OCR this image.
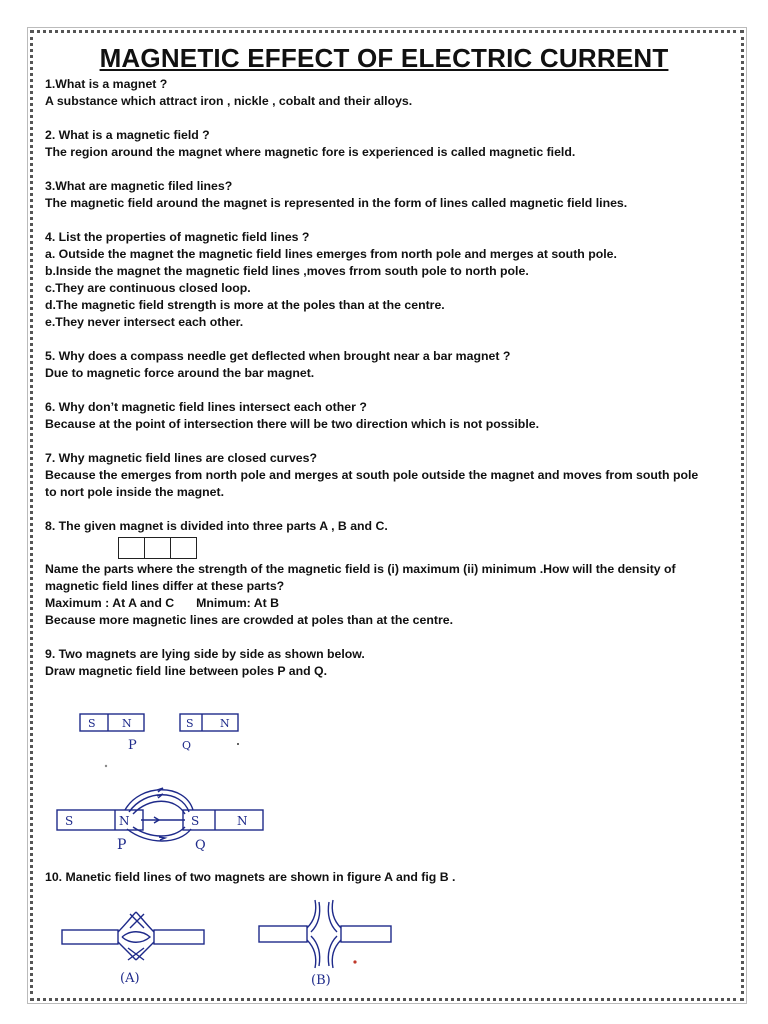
MAGNETIC EFFECT OF ELECTRIC CURRENT

1.What is a magnet ?

A substance which attract iron , nickle , cobalt and their alloys.

2. What is a magnetic field ?

The region around the magnet where magnetic fore is experienced is called magnetic field.

3.What are magnetic filed lines?

The magnetic field around the magnet is represented in the form of lines called magnetic field lines.

4. List the properties of magnetic field lines ?

a. Outside the magnet the magnetic field lines emerges from north pole and merges at south pole.

b.Inside the magnet the magnetic field lines ,moves frrom south pole to north pole.

c.They are continuous closed loop.

d.The magnetic field strength is more at the poles than at the centre.

e.They never intersect each other.

5. Why does a compass needle get deflected when brought near a bar magnet ?

Due to magnetic force around the bar magnet.

6. Why don’t magnetic field lines intersect each other ?

Because at the point of intersection there will be two direction which is not possible.

7. Why magnetic field lines are closed curves?

Because the emerges from north pole and merges at south pole outside the magnet and moves from south pole

to nort pole inside the magnet.

8. The given magnet is divided into three parts A , B and C.

Name the parts where the strength of the magnetic field is (i) maximum (ii) minimum .How will the density of

magnetic field lines differ at these parts?

Maximum : At A and C Mnimum: At B

Because more magnetic lines are crowded at poles than at the centre.

9. Two magnets are lying side by side as shown below.

Draw magnetic field line between poles P and Q.

S N	S N
P	Q
S	N	S	N
P	Q

10. Manetic field lines of two magnets are shown in figure A and fig B .

(A)	(B)
